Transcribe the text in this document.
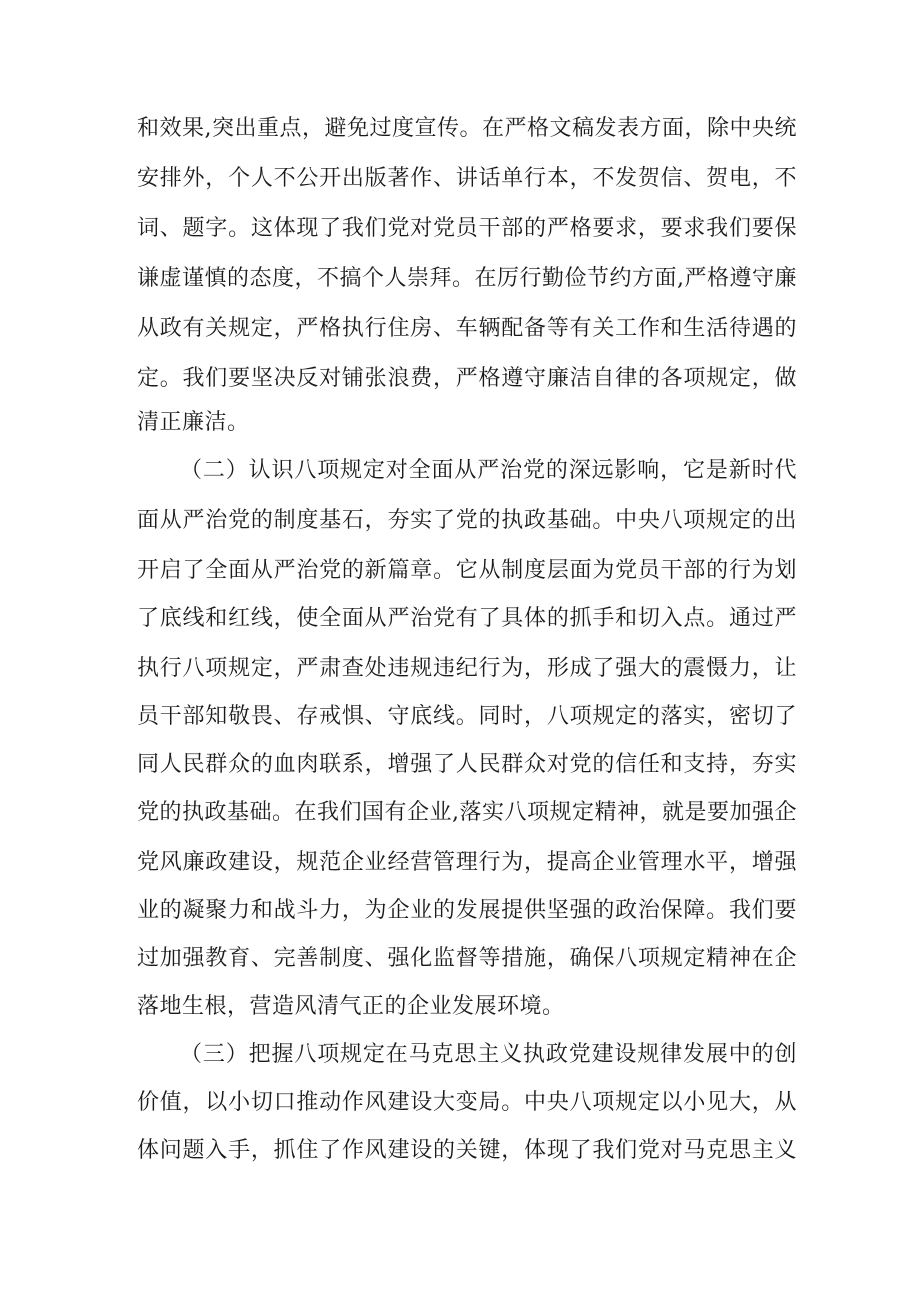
和效果,突出重点，避免过度宣传。在严格文稿发表方面，除中央统
安排外，个人不公开出版著作、讲话单行本，不发贺信、贺电，不
词、题字。这体现了我们党对党员干部的严格要求，要求我们要保
谦虚谨慎的态度，不搞个人崇拜。在厉行勤俭节约方面,严格遵守廉
从政有关规定，严格执行住房、车辆配备等有关工作和生活待遇的
定。我们要坚决反对铺张浪费，严格遵守廉洁自律的各项规定，做
清正廉洁。
（二）认识八项规定对全面从严治党的深远影响，它是新时代
面从严治党的制度基石，夯实了党的执政基础。中央八项规定的出
开启了全面从严治党的新篇章。它从制度层面为党员干部的行为划
了底线和红线，使全面从严治党有了具体的抓手和切入点。通过严
执行八项规定，严肃查处违规违纪行为，形成了强大的震慑力，让
员干部知敬畏、存戒惧、守底线。同时，八项规定的落实，密切了
同人民群众的血肉联系，增强了人民群众对党的信任和支持，夯实
党的执政基础。在我们国有企业,落实八项规定精神，就是要加强企
党风廉政建设，规范企业经营管理行为，提高企业管理水平，增强
业的凝聚力和战斗力，为企业的发展提供坚强的政治保障。我们要
过加强教育、完善制度、强化监督等措施，确保八项规定精神在企
落地生根，营造风清气正的企业发展环境。
（三）把握八项规定在马克思主义执政党建设规律发展中的创
价值，以小切口推动作风建设大变局。中央八项规定以小见大，从
体问题入手，抓住了作风建设的关键，体现了我们党对马克思主义
